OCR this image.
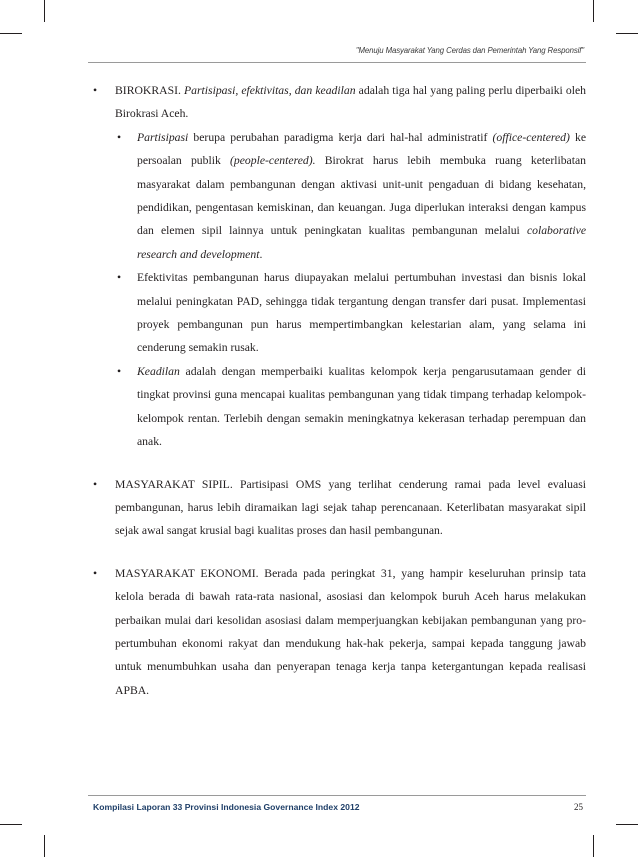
"Menuju Masyarakat Yang Cerdas dan Pemerintah Yang Responsif"
• BIROKRASI. Partisipasi, efektivitas, dan keadilan adalah tiga hal yang paling perlu diperbaiki oleh Birokrasi Aceh.
• Partisipasi berupa perubahan paradigma kerja dari hal-hal administratif (office-centered) ke persoalan publik (people-centered). Birokrat harus lebih membuka ruang keterlibatan masyarakat dalam pembangunan dengan aktivasi unit-unit pengaduan di bidang kesehatan, pendidikan, pengentasan kemiskinan, dan keuangan. Juga diperlukan interaksi dengan kampus dan elemen sipil lainnya untuk peningkatan kualitas pembangunan melalui colaborative research and development.
• Efektivitas pembangunan harus diupayakan melalui pertumbuhan investasi dan bisnis lokal melalui peningkatan PAD, sehingga tidak tergantung dengan transfer dari pusat. Implementasi proyek pembangunan pun harus mempertimbangkan kelestarian alam, yang selama ini cenderung semakin rusak.
• Keadilan adalah dengan memperbaiki kualitas kelompok kerja pengarusutamaan gender di tingkat provinsi guna mencapai kualitas pembangunan yang tidak timpang terhadap kelompok-kelompok rentan. Terlebih dengan semakin meningkatnya kekerasan terhadap perempuan dan anak.
• MASYARAKAT SIPIL. Partisipasi OMS yang terlihat cenderung ramai pada level evaluasi pembangunan, harus lebih diramaikan lagi sejak tahap perencanaan. Keterlibatan masyarakat sipil sejak awal sangat krusial bagi kualitas proses dan hasil pembangunan.
• MASYARAKAT EKONOMI. Berada pada peringkat 31, yang hampir keseluruhan prinsip tata kelola berada di bawah rata-rata nasional, asosiasi dan kelompok buruh Aceh harus melakukan perbaikan mulai dari kesolidan asosiasi dalam memperjuangkan kebijakan pembangunan yang pro-pertumbuhan ekonomi rakyat dan mendukung hak-hak pekerja, sampai kepada tanggung jawab untuk menumbuhkan usaha dan penyerapan tenaga kerja tanpa ketergantungan kepada realisasi APBA.
Kompilasi Laporan 33 Provinsi Indonesia Governance Index 2012	25
